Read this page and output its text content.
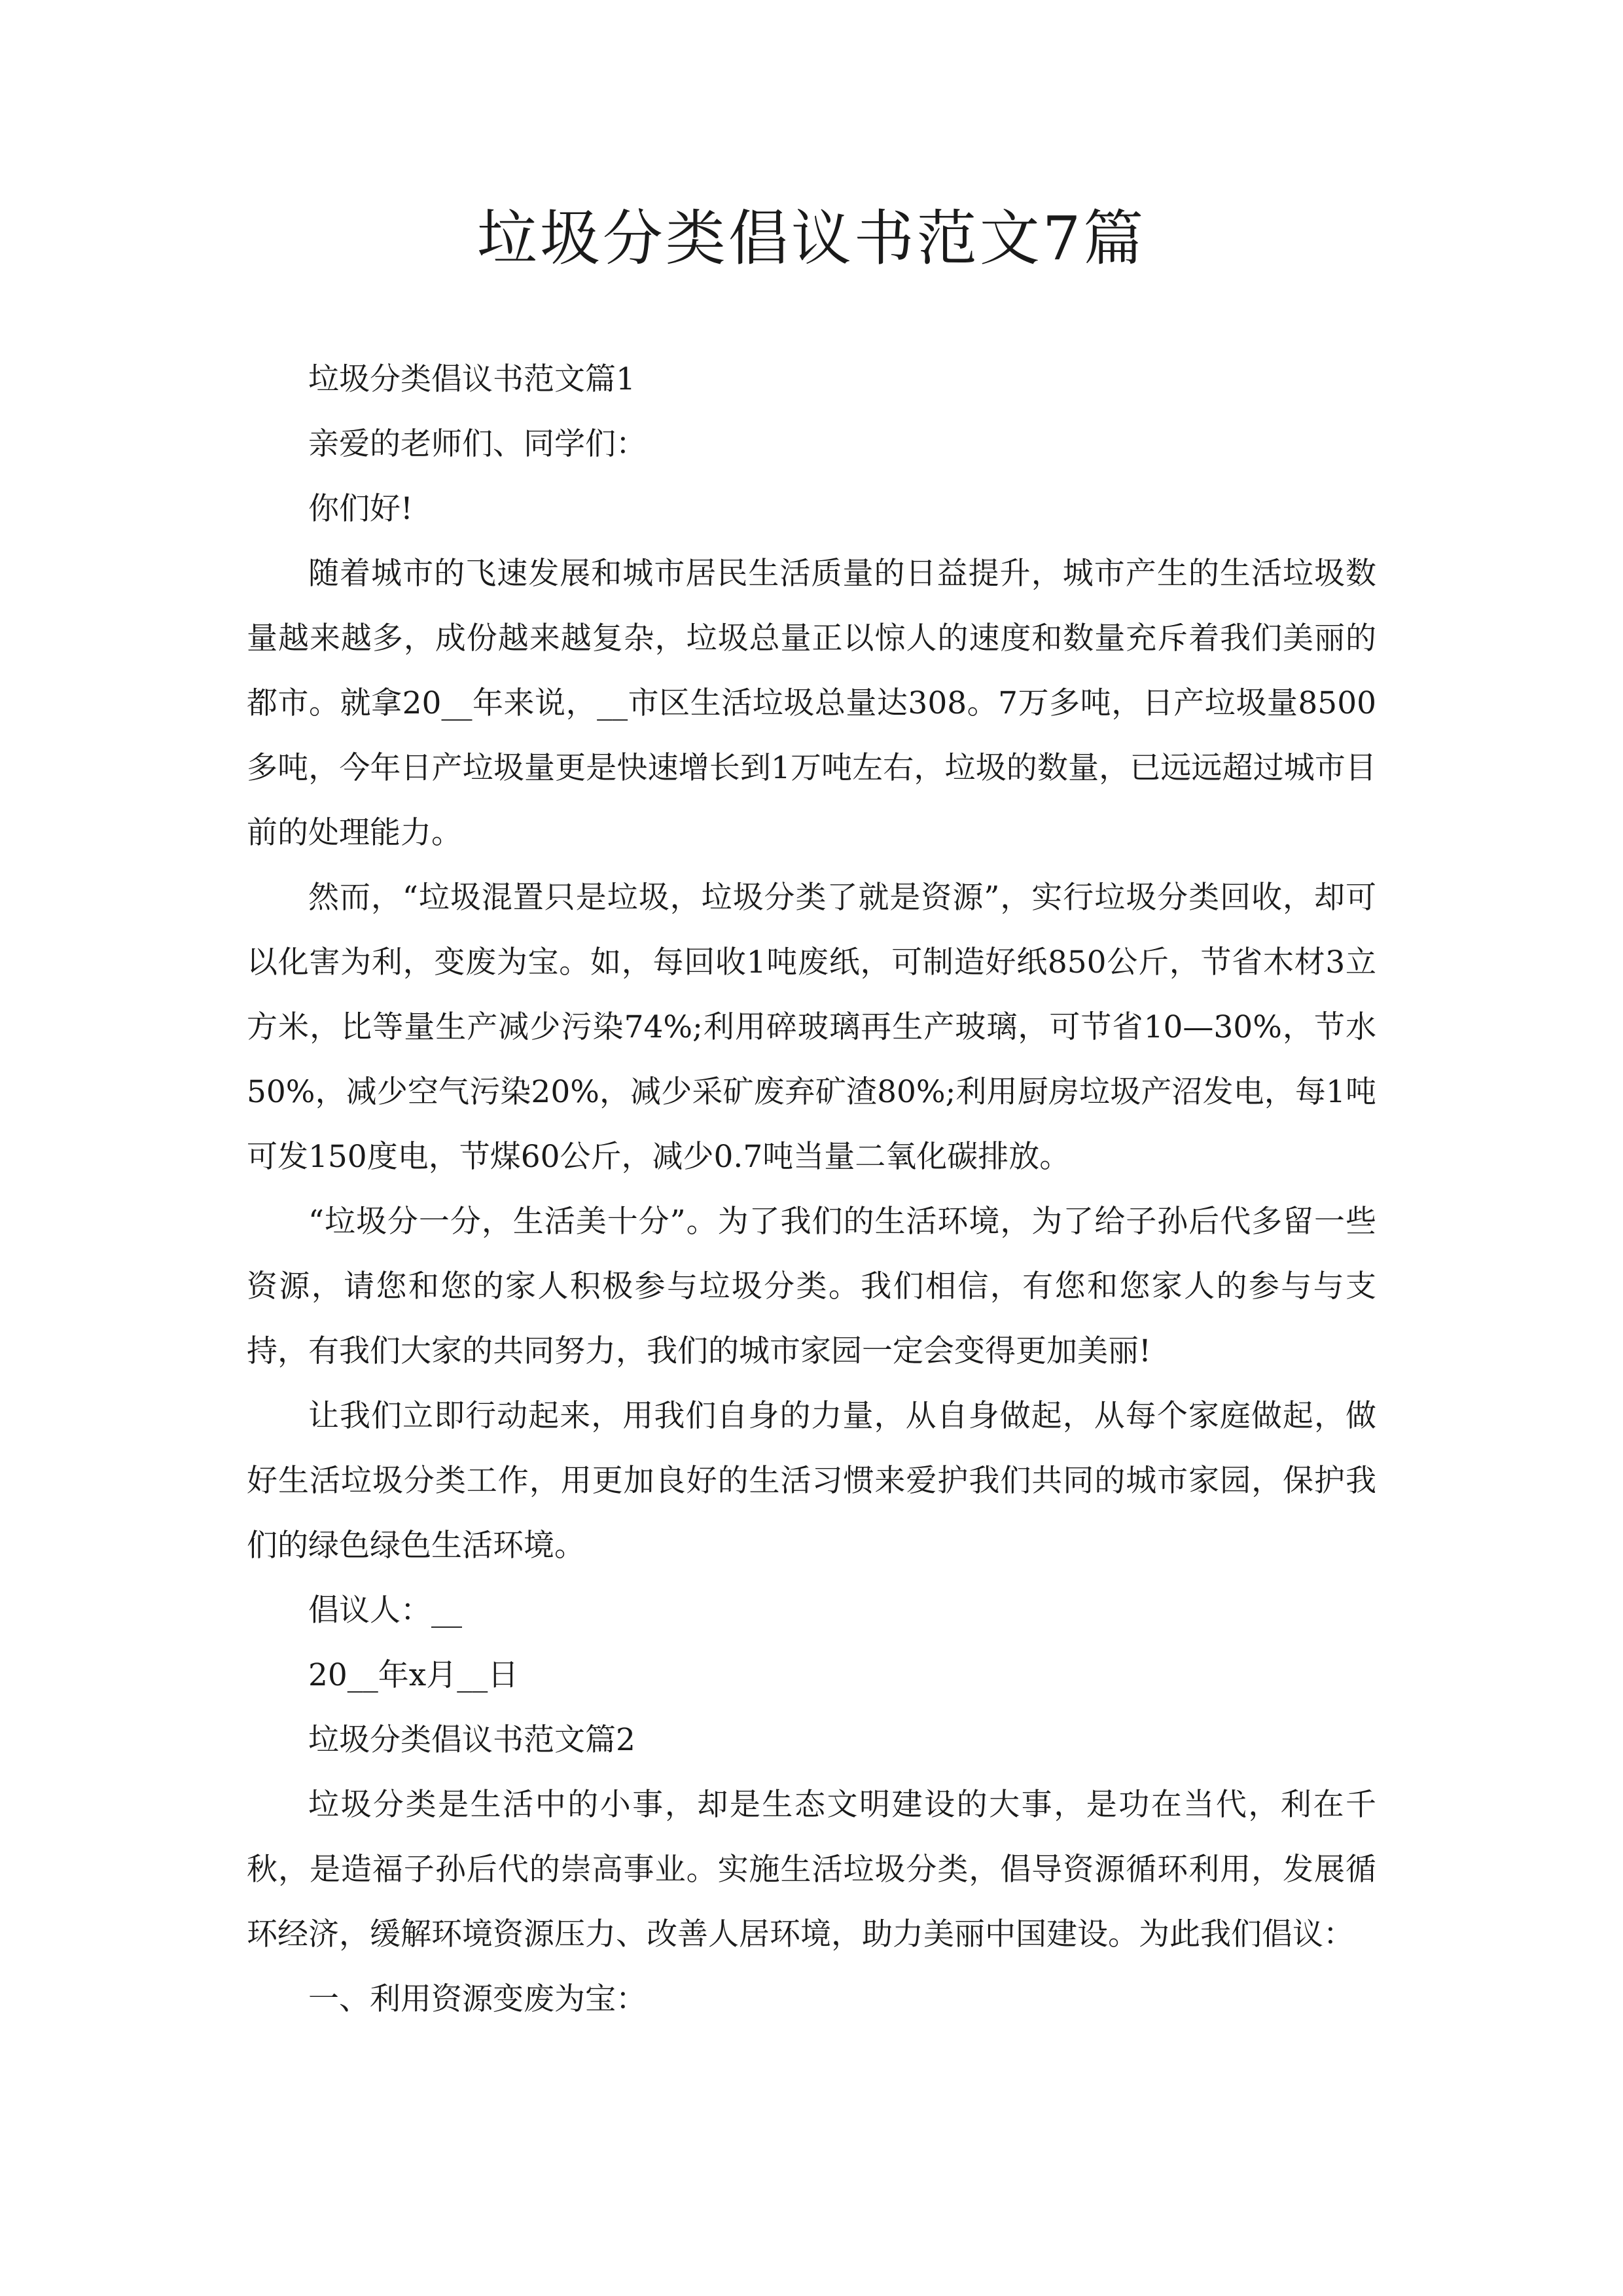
垃圾分类倡议书范文7篇

垃圾分类倡议书范文篇1

亲爱的老师们、同学们：

你们好!

随着城市的飞速发展和城市居民生活质量的日益提升，城市产生的生活垃圾数量越来越多，成份越来越复杂，垃圾总量正以惊人的速度和数量充斥着我们美丽的都市。就拿20__年来说，__市区生活垃圾总量达308。7万多吨，日产垃圾量8500多吨，今年日产垃圾量更是快速增长到1万吨左右，垃圾的数量，已远远超过城市目前的处理能力。

然而，“垃圾混置只是垃圾，垃圾分类了就是资源”，实行垃圾分类回收，却可以化害为利，变废为宝。如，每回收1吨废纸，可制造好纸850公斤，节省木材3立方米，比等量生产减少污染74%;利用碎玻璃再生产玻璃，可节省10—30%，节水50%，减少空气污染20%，减少采矿废弃矿渣80%;利用厨房垃圾产沼发电，每1吨可发150度电，节煤60公斤，减少0.7吨当量二氧化碳排放。

“垃圾分一分，生活美十分”。为了我们的生活环境，为了给子孙后代多留一些资源，请您和您的家人积极参与垃圾分类。我们相信，有您和您家人的参与与支持，有我们大家的共同努力，我们的城市家园一定会变得更加美丽!

让我们立即行动起来，用我们自身的力量，从自身做起，从每个家庭做起，做好生活垃圾分类工作，用更加良好的生活习惯来爱护我们共同的城市家园，保护我们的绿色绿色生活环境。

倡议人：__

20__年x月__日

垃圾分类倡议书范文篇2

垃圾分类是生活中的小事，却是生态文明建设的大事，是功在当代，利在千秋，是造福子孙后代的崇高事业。实施生活垃圾分类，倡导资源循环利用，发展循环经济，缓解环境资源压力、改善人居环境，助力美丽中国建设。为此我们倡议：

一、利用资源变废为宝：
